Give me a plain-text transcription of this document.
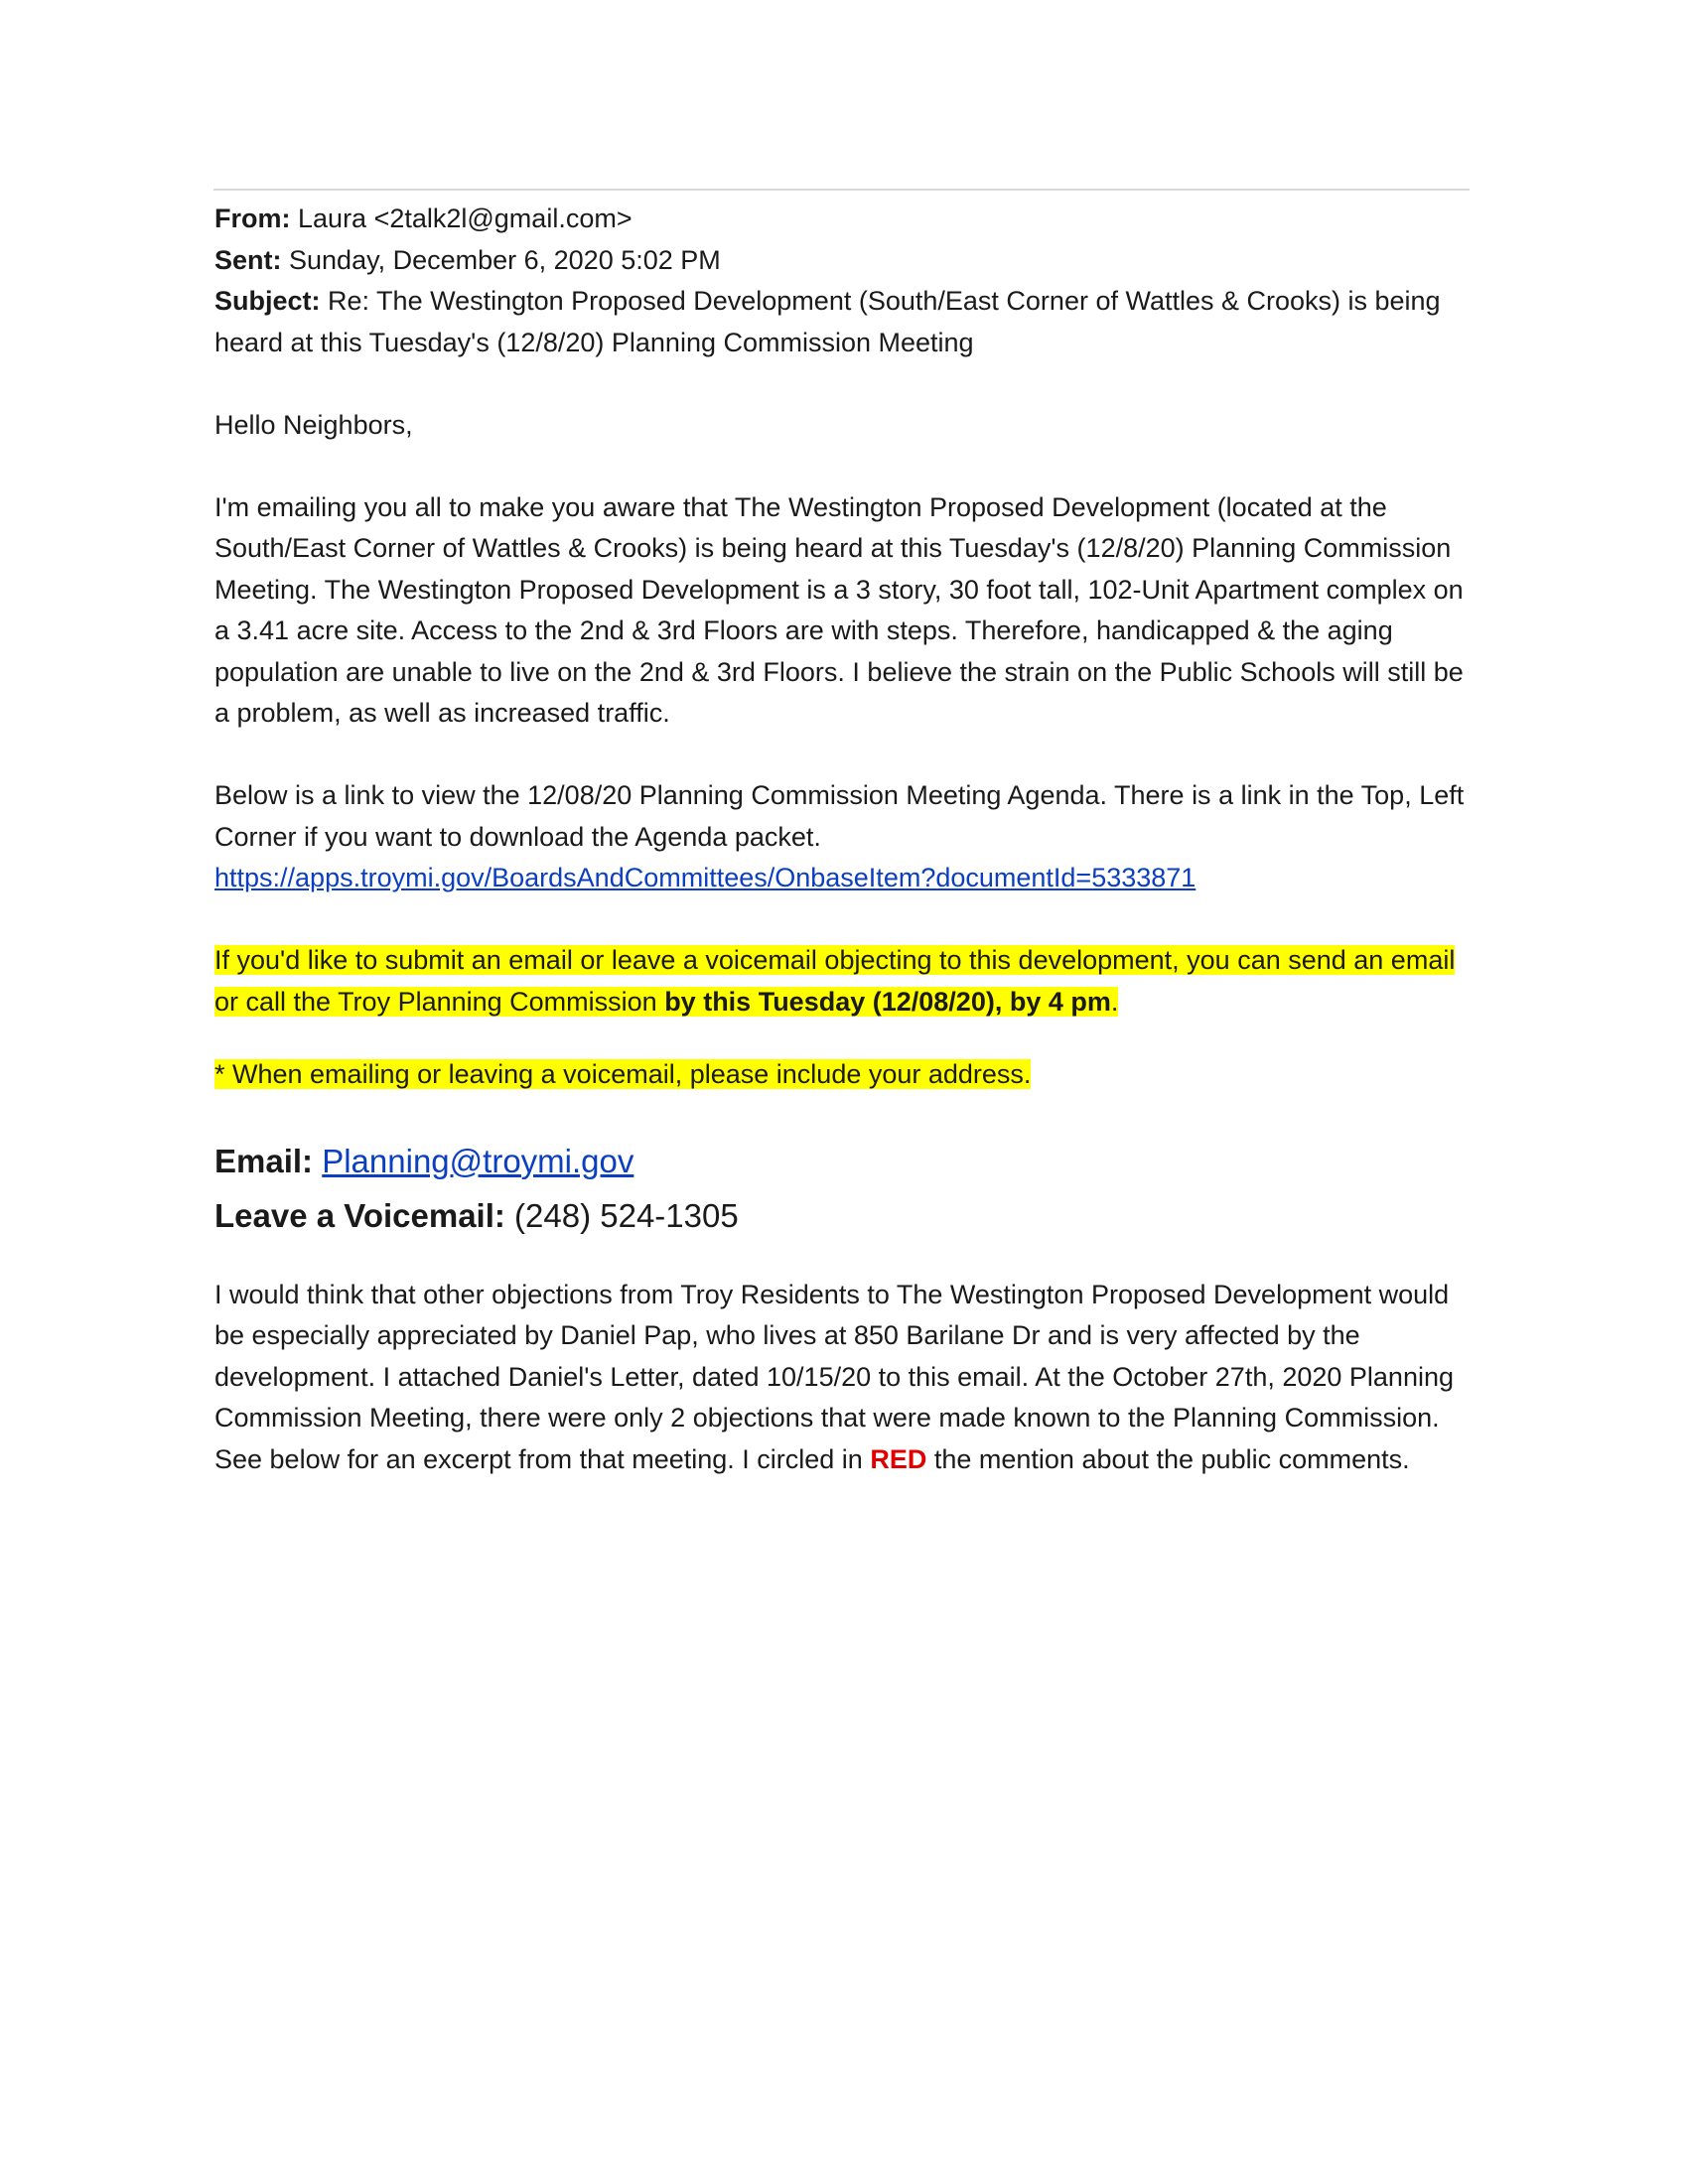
From: Laura <2talk2l@gmail.com>

Sent: Sunday, December 6, 2020 5:02 PM

Subject: Re: The Westington Proposed Development (South/East Corner of Wattles & Crooks) is being heard at this Tuesday's (12/8/20) Planning Commission Meeting

Hello Neighbors,

I'm emailing you all to make you aware that The Westington Proposed Development (located at the South/East Corner of Wattles & Crooks) is being heard at this Tuesday's (12/8/20) Planning Commission Meeting. The Westington Proposed Development is a 3 story, 30 foot tall, 102-Unit Apartment complex on a 3.41 acre site. Access to the 2nd & 3rd Floors are with steps. Therefore, handicapped & the aging population are unable to live on the 2nd & 3rd Floors. I believe the strain on the Public Schools will still be a problem, as well as increased traffic.

Below is a link to view the 12/08/20 Planning Commission Meeting Agenda. There is a link in the Top, Left Corner if you want to download the Agenda packet.
https://apps.troymi.gov/BoardsAndCommittees/OnbaseItem?documentId=5333871

If you'd like to submit an email or leave a voicemail objecting to this development, you can send an email or call the Troy Planning Commission by this Tuesday (12/08/20), by 4 pm.

* When emailing or leaving a voicemail, please include your address.

Email: Planning@troymi.gov

Leave a Voicemail: (248) 524-1305

I would think that other objections from Troy Residents to The Westington Proposed Development would be especially appreciated by Daniel Pap, who lives at 850 Barilane Dr and is very affected by the development. I attached Daniel's Letter, dated 10/15/20 to this email. At the October 27th, 2020 Planning Commission Meeting, there were only 2 objections that were made known to the Planning Commission. See below for an excerpt from that meeting. I circled in RED the mention about the public comments.
